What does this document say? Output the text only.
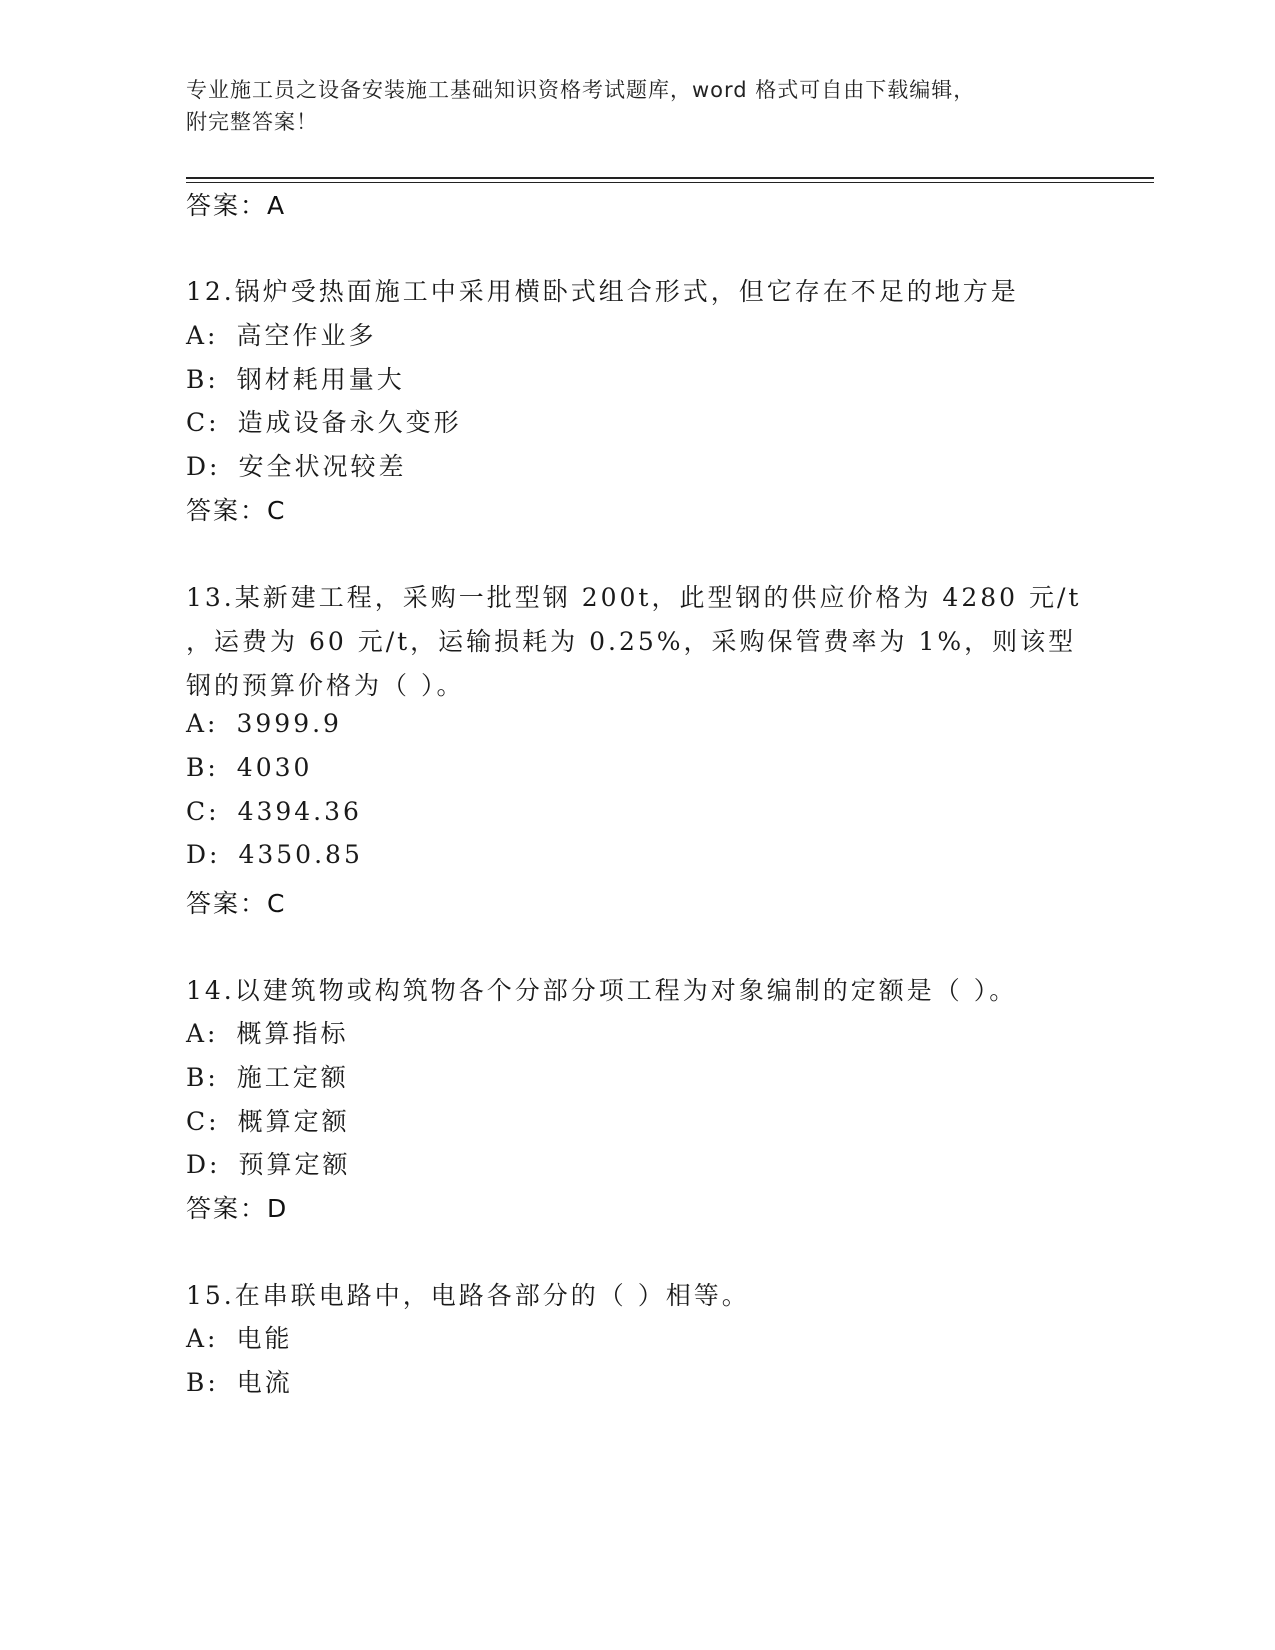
专业施工员之设备安装施工基础知识资格考试题库，word 格式可自由下载编辑，
附完整答案！
答案：A
12.锅炉受热面施工中采用横卧式组合形式，但它存在不足的地方是
A: 高空作业多
B: 钢材耗用量大
C: 造成设备永久变形
D: 安全状况较差
答案：C
13.某新建工程，采购一批型钢 200t，此型钢的供应价格为 4280 元/t
，运费为 60 元/t，运输损耗为 0.25%，采购保管费率为 1%，则该型
钢的预算价格为（ ）。
A: 3999.9
B: 4030
C: 4394.36
D: 4350.85
答案：C
14.以建筑物或构筑物各个分部分项工程为对象编制的定额是（ ）。
A: 概算指标
B: 施工定额
C: 概算定额
D: 预算定额
答案：D
15.在串联电路中，电路各部分的（ ）相等。
A: 电能
B: 电流
